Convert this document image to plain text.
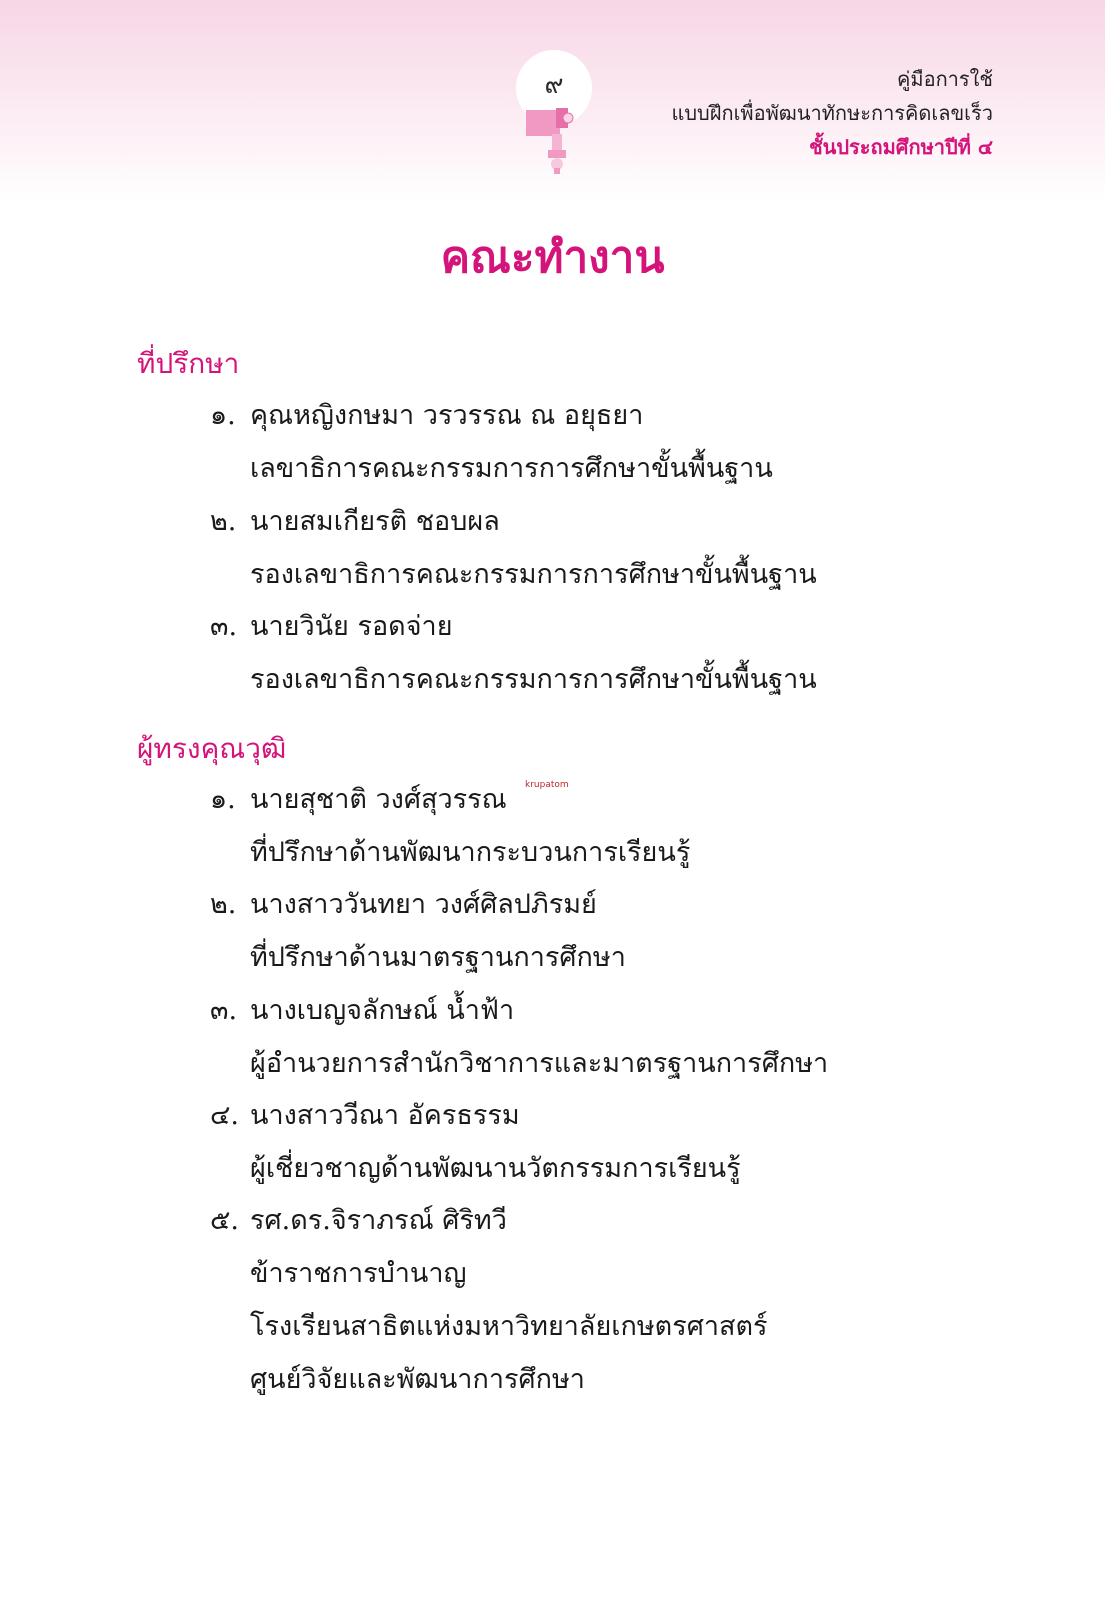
๙	คู่มือการใช้
แบบฝึกเพื่อพัฒนาทักษะการคิดเลขเร็ว
ชั้นประถมศึกษาปีที่ ๔
คณะทำงาน
krupatom
ที่ปรึกษา
๑. คุณหญิงกษมา วรวรรณ ณ อยุธยา
เลขาธิการคณะกรรมการการศึกษาขั้นพื้นฐาน
๒. นายสมเกียรติ ชอบผล
รองเลขาธิการคณะกรรมการการศึกษาขั้นพื้นฐาน
๓. นายวินัย รอดจ่าย
รองเลขาธิการคณะกรรมการการศึกษาขั้นพื้นฐาน
ผู้ทรงคุณวุฒิ
๑. นายสุชาติ วงศ์สุวรรณ
ที่ปรึกษาด้านพัฒนากระบวนการเรียนรู้
๒. นางสาววันทยา วงศ์ศิลปภิรมย์
ที่ปรึกษาด้านมาตรฐานการศึกษา
๓. นางเบญจลักษณ์ น้ำฟ้า
ผู้อำนวยการสำนักวิชาการและมาตรฐานการศึกษา
๔. นางสาววีณา อัครธรรม
ผู้เชี่ยวชาญด้านพัฒนานวัตกรรมการเรียนรู้
๕. รศ.ดร.จิราภรณ์ ศิริทวี
ข้าราชการบำนาญ
โรงเรียนสาธิตแห่งมหาวิทยาลัยเกษตรศาสตร์
ศูนย์วิจัยและพัฒนาการศึกษา
